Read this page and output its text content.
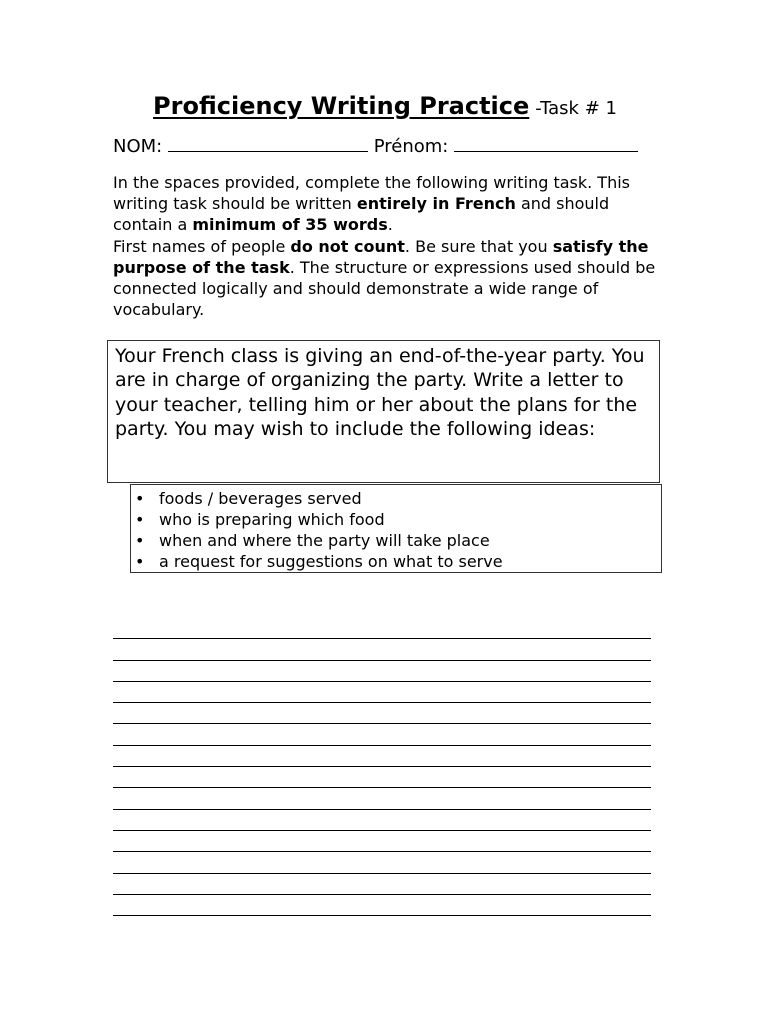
Proficiency Writing Practice -Task # 1
NOM:	Prénom:

In the spaces provided, complete the following writing task. This writing task should be written entirely in French and should contain a minimum of 35 words.

First names of people do not count. Be sure that you satisfy the purpose of the task. The structure or expressions used should be connected logically and should demonstrate a wide range of vocabulary.

Your French class is giving an end-of-the-year party. You are in charge of organizing the party. Write a letter to your teacher, telling him or her about the plans for the party. You may wish to include the following ideas:
• foods / beverages served
• who is preparing which food
• when and where the party will take place
• a request for suggestions on what to serve
